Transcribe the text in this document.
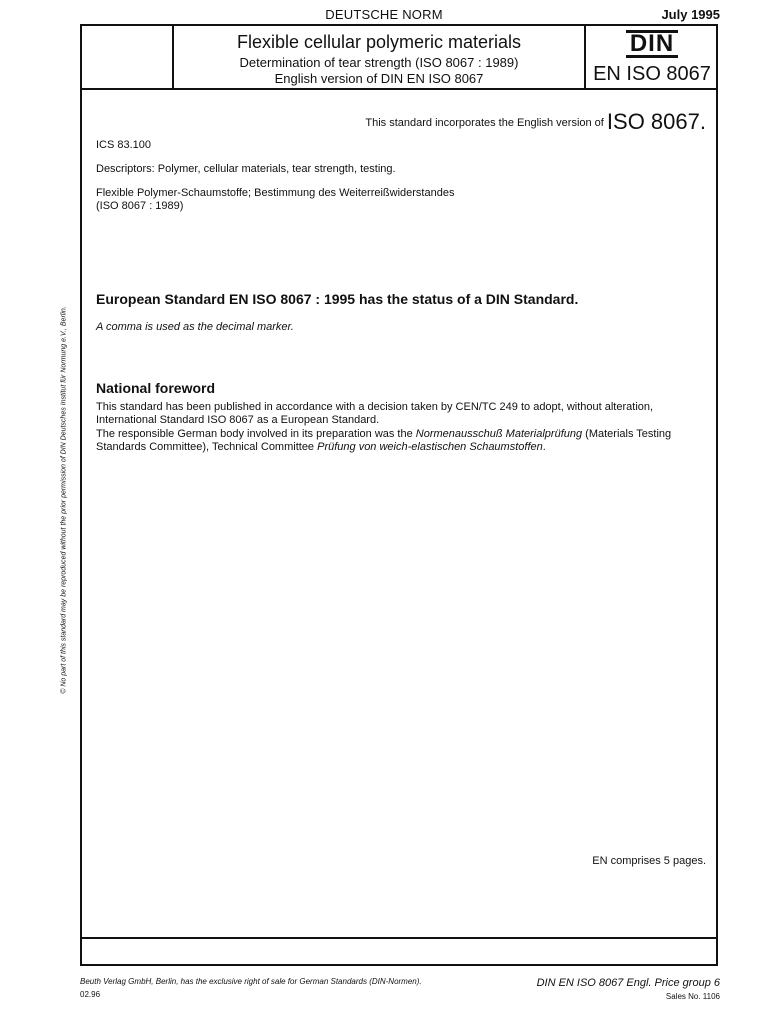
DEUTSCHE NORM	July 1995
Flexible cellular polymeric materials
Determination of tear strength (ISO 8067 : 1989)
English version of DIN EN ISO 8067
DIN
EN ISO 8067
This standard incorporates the English version of ISO 8067.
ICS 83.100
Descriptors: Polymer, cellular materials, tear strength, testing.
Flexible Polymer-Schaumstoffe; Bestimmung des Weiterreißwiderstandes
(ISO 8067 : 1989)
European Standard EN ISO 8067 : 1995 has the status of a DIN Standard.
A comma is used as the decimal marker.
National foreword
This standard has been published in accordance with a decision taken by CEN/TC 249 to adopt, without alteration,
International Standard ISO 8067 as a European Standard.
The responsible German body involved in its preparation was the Normenausschuß Materialprüfung (Materials Testing Standards Committee), Technical Committee Prüfung von weich-elastischen Schaumstoffen.
EN comprises 5 pages.
Beuth Verlag GmbH, Berlin, has the exclusive right of sale for German Standards (DIN-Normen).
02.96
DIN EN ISO 8067 Engl. Price group 6
Sales No. 1106
© No part of this standard may be reproduced without the prior permission of DIN Deutsches Institut für Normung e.V., Berlin.
